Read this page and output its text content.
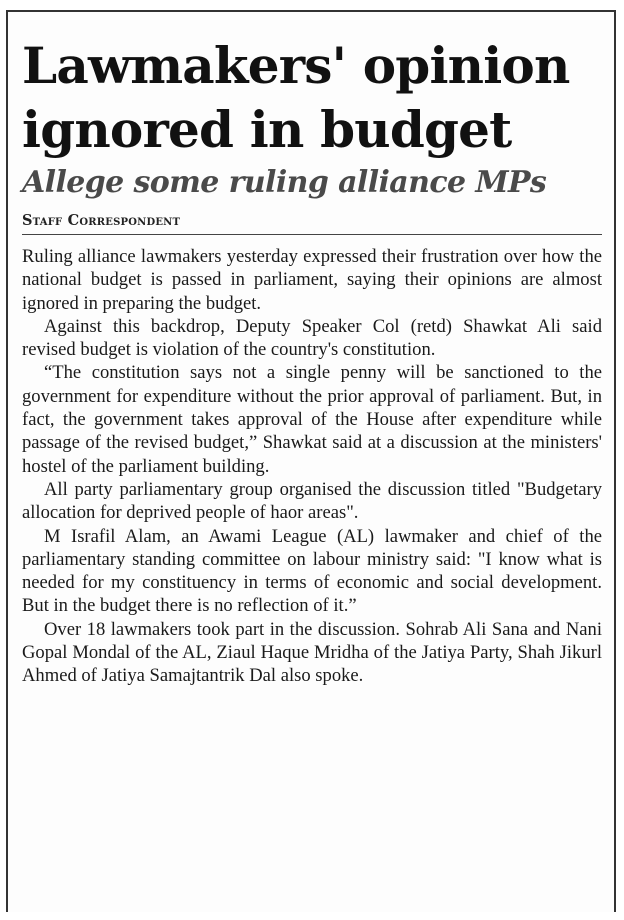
Lawmakers' opinion ignored in budget
Allege some ruling alliance MPs
Staff Correspondent

Ruling alliance lawmakers yesterday expressed their frustration over how the national budget is passed in parliament, saying their opinions are almost ignored in preparing the budget.

Against this backdrop, Deputy Speaker Col (retd) Shawkat Ali said revised budget is violation of the country's constitution.

“The constitution says not a single penny will be sanctioned to the government for expenditure without the prior approval of parliament. But, in fact, the government takes approval of the House after expenditure while passage of the revised budget,” Shawkat said at a discussion at the ministers' hostel of the parliament building.

All party parliamentary group organised the discussion titled "Budgetary allocation for deprived people of haor areas".

M Israfil Alam, an Awami League (AL) lawmaker and chief of the parliamentary standing committee on labour ministry said: "I know what is needed for my constituency in terms of economic and social development. But in the budget there is no reflection of it.”

Over 18 lawmakers took part in the discussion. Sohrab Ali Sana and Nani Gopal Mondal of the AL, Ziaul Haque Mridha of the Jatiya Party, Shah Jikurl Ahmed of Jatiya Samajtantrik Dal also spoke.
